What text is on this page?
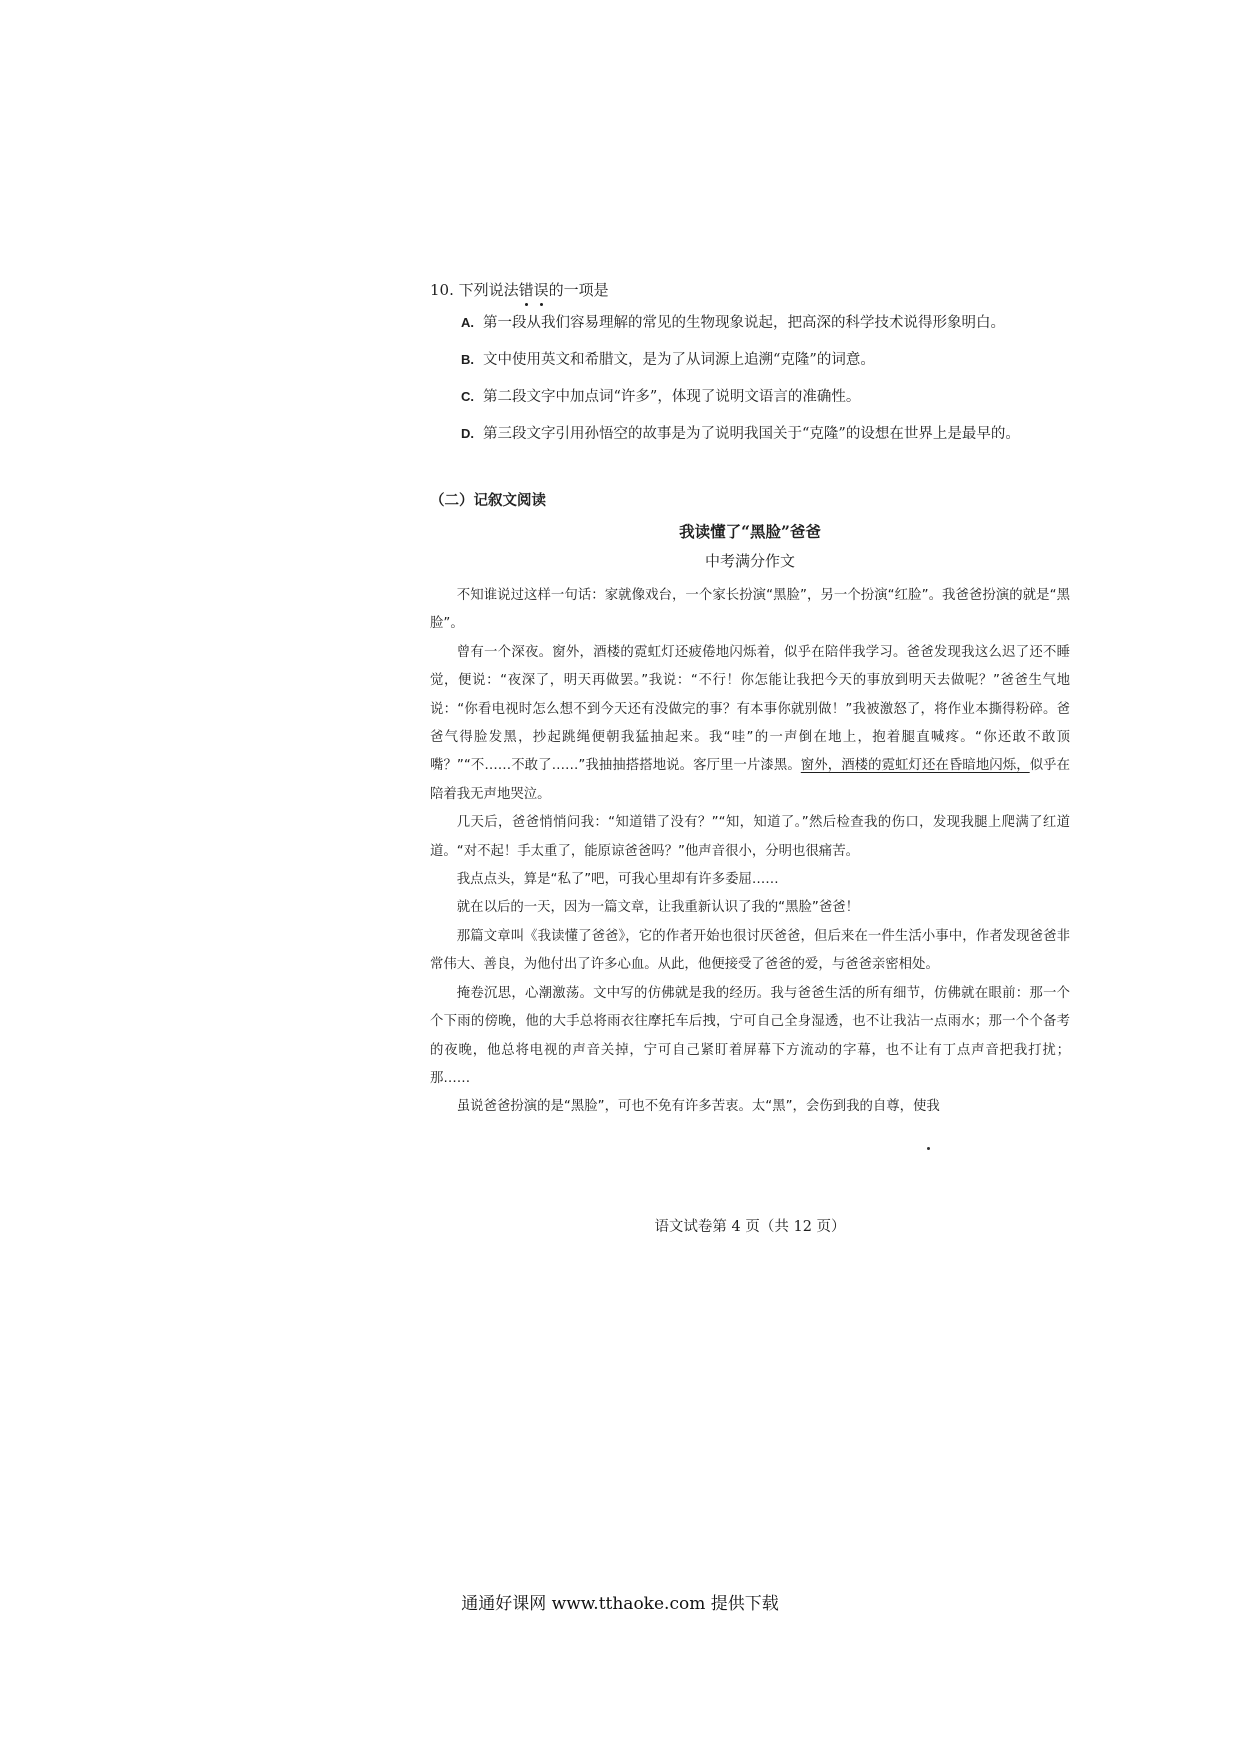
10. 下列说法错误的一项是
A. 第一段从我们容易理解的常见的生物现象说起，把高深的科学技术说得形象明白。
B. 文中使用英文和希腊文，是为了从词源上追溯“克隆”的词意。
C. 第二段文字中加点词“许多”，体现了说明文语言的准确性。
D. 第三段文字引用孙悟空的故事是为了说明我国关于“克隆”的设想在世界上是最早的。
（二）记叙文阅读
我读懂了“黑脸”爸爸
中考满分作文

不知谁说过这样一句话：家就像戏台，一个家长扮演“黑脸”，另一个扮演“红脸”。我爸爸扮演的就是“黑脸”。

曾有一个深夜。窗外，酒楼的霓虹灯还疲倦地闪烁着，似乎在陪伴我学习。爸爸发现我这么迟了还不睡觉，便说：“夜深了，明天再做罢。”我说：“不行！你怎能让我把今天的事放到明天去做呢？”爸爸生气地说：“你看电视时怎么想不到今天还有没做完的事？有本事你就别做！”我被激怒了，将作业本撕得粉碎。爸爸气得脸发黑，抄起跳绳便朝我猛抽起来。我“哇”的一声倒在地上，抱着腿直喊疼。“你还敢不敢顶嘴？”“不……不敢了……”我抽抽搭搭地说。客厅里一片漆黑。窗外，酒楼的霓虹灯还在昏暗地闪烁，似乎在陪着我无声地哭泣。

几天后，爸爸悄悄问我：“知道错了没有？”“知，知道了。”然后检查我的伤口，发现我腿上爬满了红道道。“对不起！手太重了，能原谅爸爸吗？”他声音很小，分明也很痛苦。

我点点头，算是“私了”吧，可我心里却有许多委屈……

就在以后的一天，因为一篇文章，让我重新认识了我的“黑脸”爸爸！

那篇文章叫《我读懂了爸爸》，它的作者开始也很讨厌爸爸，但后来在一件生活小事中，作者发现爸爸非常伟大、善良，为他付出了许多心血。从此，他便接受了爸爸的爱，与爸爸亲密相处。

掩卷沉思，心潮激荡。文中写的仿佛就是我的经历。我与爸爸生活的所有细节，仿佛就在眼前：那一个个下雨的傍晚，他的大手总将雨衣往摩托车后拽，宁可自己全身湿透，也不让我沾一点雨水；那一个个备考的夜晚，他总将电视的声音关掉，宁可自己紧盯着屏幕下方流动的字幕，也不让有丁点声音把我打扰；那……

虽说爸爸扮演的是“黑脸”，可也不免有许多苦衷。太“黑”，会伤到我的自尊，使我

语文试卷第 4 页（共 12 页）
通通好课网 www.tthaoke.com 提供下载
